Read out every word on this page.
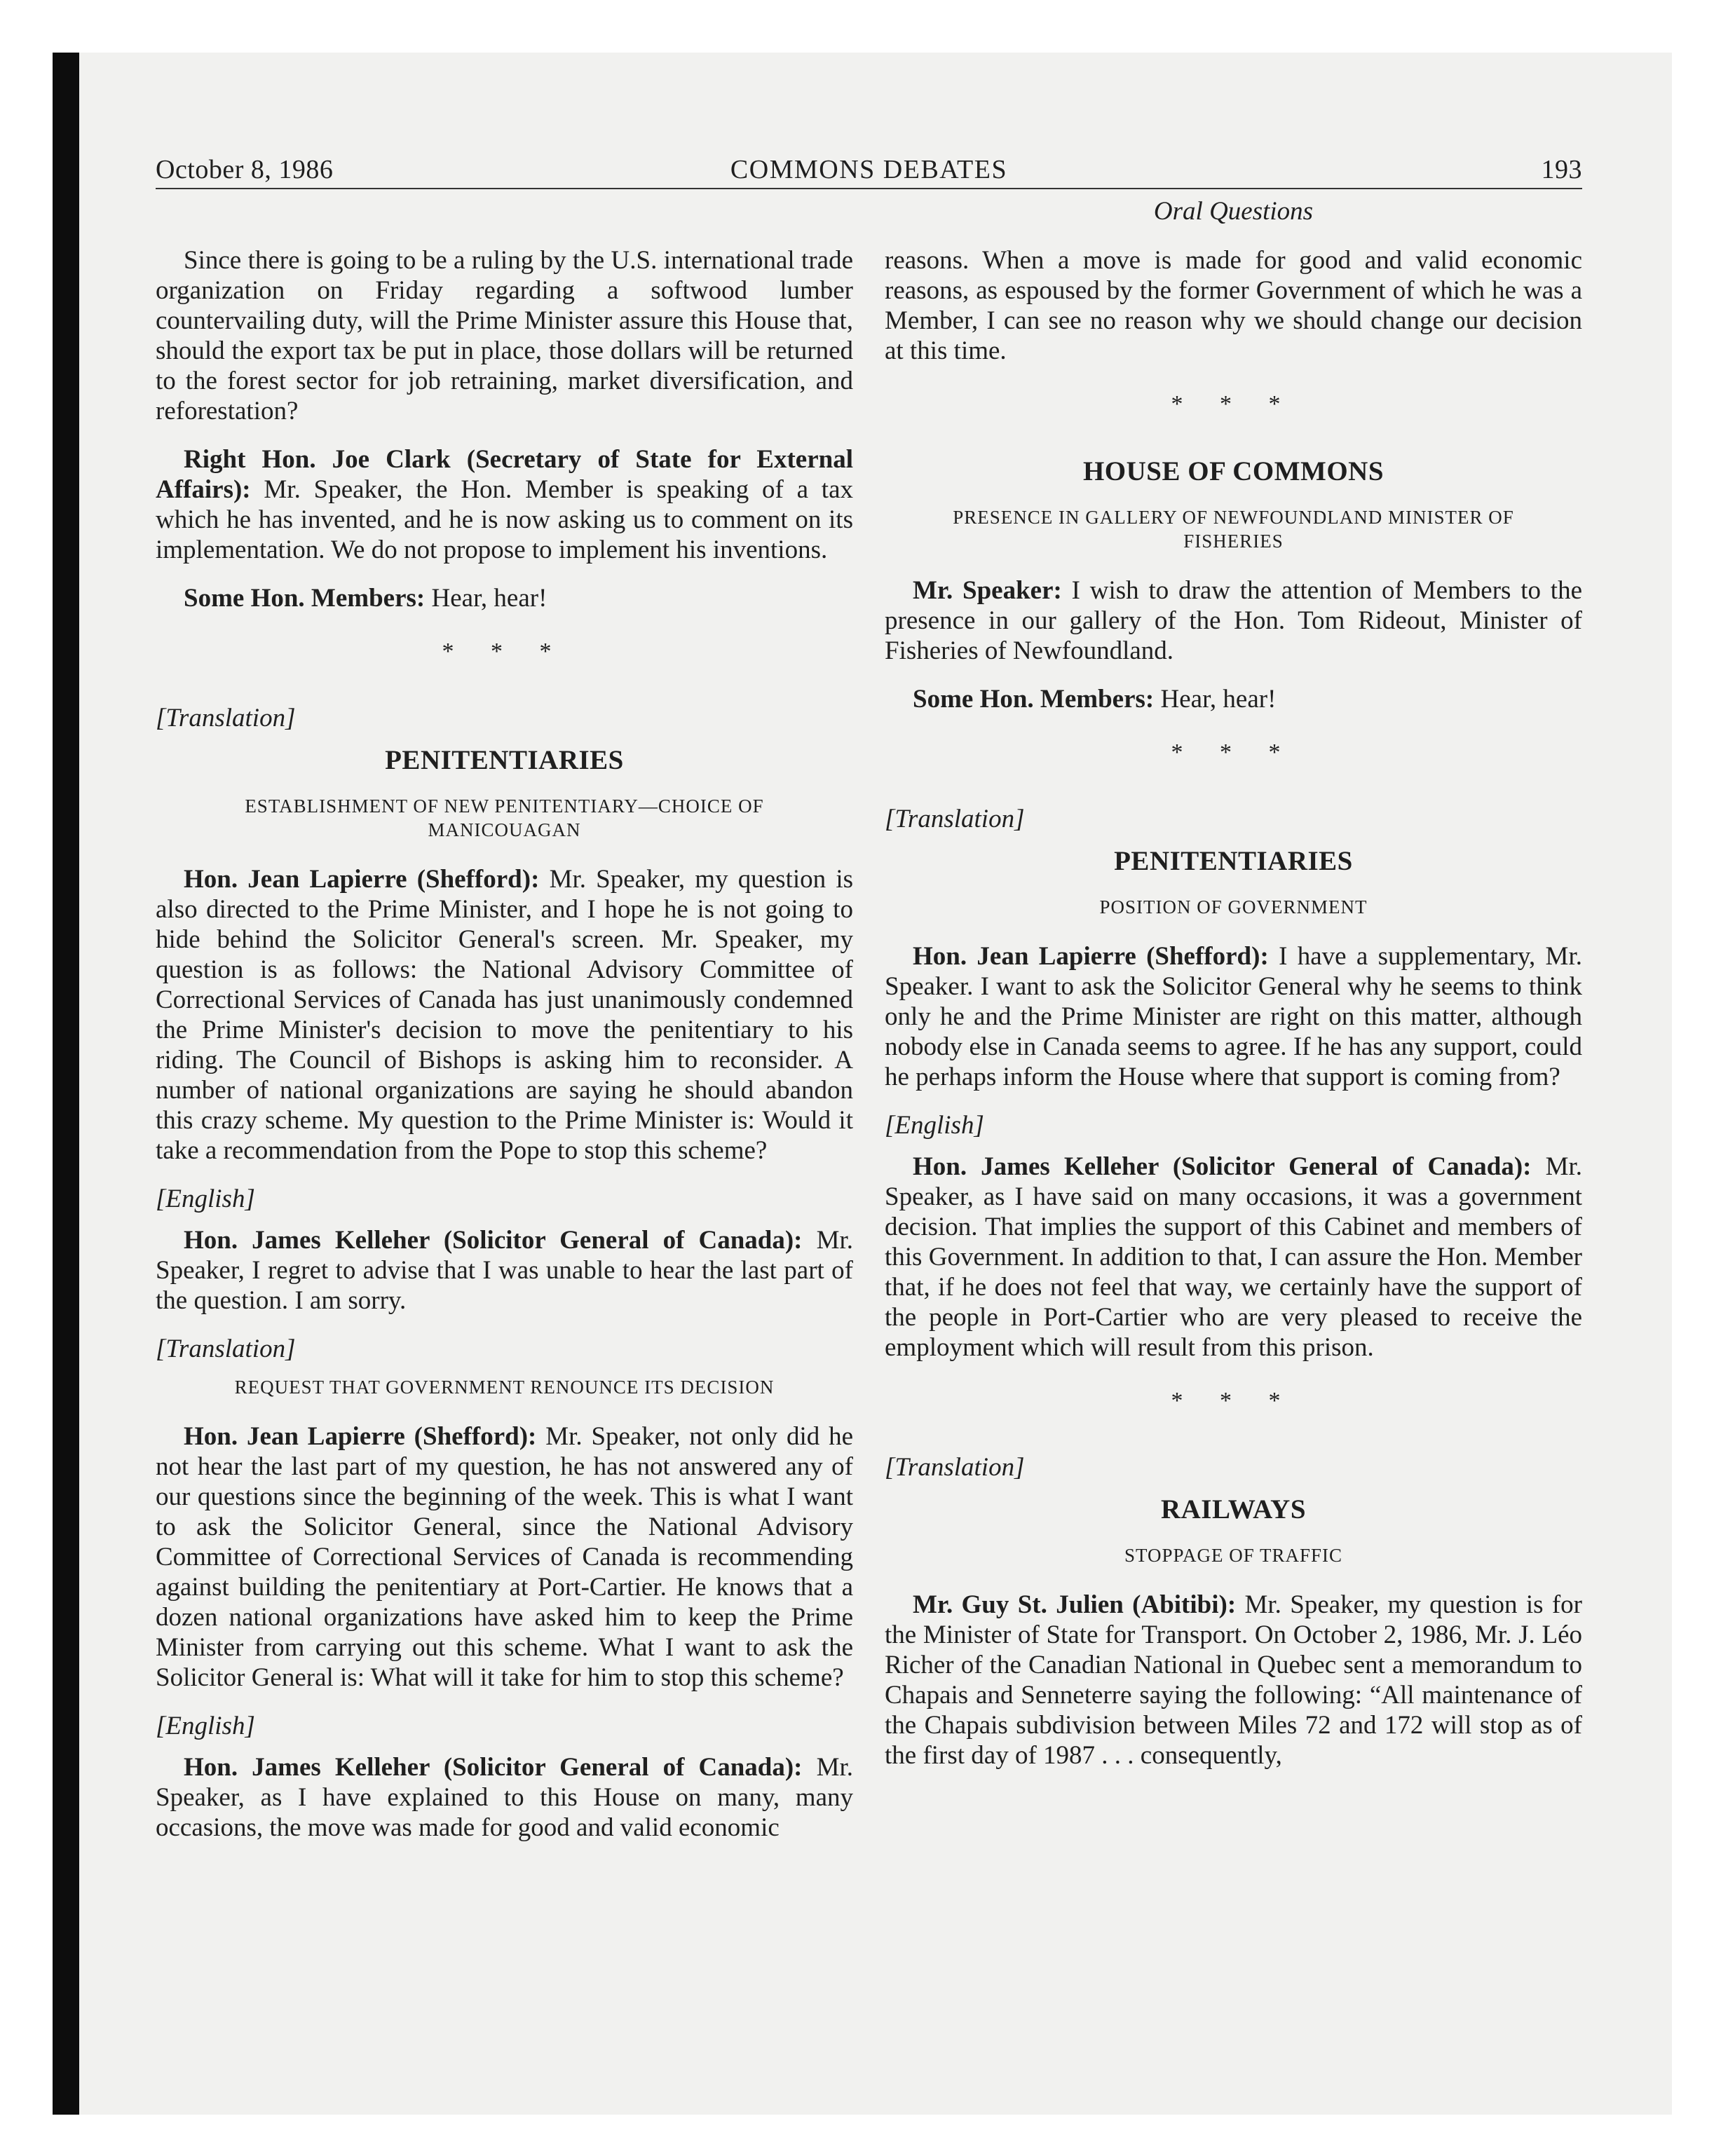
October 8, 1986	COMMONS DEBATES	193

Since there is going to be a ruling by the U.S. international trade organization on Friday regarding a softwood lumber countervailing duty, will the Prime Minister assure this House that, should the export tax be put in place, those dollars will be returned to the forest sector for job retraining, market diversification, and reforestation?

Right Hon. Joe Clark (Secretary of State for External Affairs): Mr. Speaker, the Hon. Member is speaking of a tax which he has invented, and he is now asking us to comment on its implementation. We do not propose to implement his inventions.

Some Hon. Members: Hear, hear!

* * *
[Translation]
PENITENTIARIES
ESTABLISHMENT OF NEW PENITENTIARY—CHOICE OF MANICOUAGAN

Hon. Jean Lapierre (Shefford): Mr. Speaker, my question is also directed to the Prime Minister, and I hope he is not going to hide behind the Solicitor General's screen. Mr. Speaker, my question is as follows: the National Advisory Committee of Correctional Services of Canada has just unanimously condemned the Prime Minister's decision to move the penitentiary to his riding. The Council of Bishops is asking him to reconsider. A number of national organizations are saying he should abandon this crazy scheme. My question to the Prime Minister is: Would it take a recommendation from the Pope to stop this scheme?

[English]

Hon. James Kelleher (Solicitor General of Canada): Mr. Speaker, I regret to advise that I was unable to hear the last part of the question. I am sorry.

[Translation]
REQUEST THAT GOVERNMENT RENOUNCE ITS DECISION

Hon. Jean Lapierre (Shefford): Mr. Speaker, not only did he not hear the last part of my question, he has not answered any of our questions since the beginning of the week. This is what I want to ask the Solicitor General, since the National Advisory Committee of Correctional Services of Canada is recommending against building the penitentiary at Port-Cartier. He knows that a dozen national organizations have asked him to keep the Prime Minister from carrying out this scheme. What I want to ask the Solicitor General is: What will it take for him to stop this scheme?

[English]

Hon. James Kelleher (Solicitor General of Canada): Mr. Speaker, as I have explained to this House on many, many occasions, the move was made for good and valid economic

Oral Questions

reasons. When a move is made for good and valid economic reasons, as espoused by the former Government of which he was a Member, I can see no reason why we should change our decision at this time.

* * *
HOUSE OF COMMONS
PRESENCE IN GALLERY OF NEWFOUNDLAND MINISTER OF FISHERIES

Mr. Speaker: I wish to draw the attention of Members to the presence in our gallery of the Hon. Tom Rideout, Minister of Fisheries of Newfoundland.

Some Hon. Members: Hear, hear!

* * *
[Translation]
PENITENTIARIES
POSITION OF GOVERNMENT

Hon. Jean Lapierre (Shefford): I have a supplementary, Mr. Speaker. I want to ask the Solicitor General why he seems to think only he and the Prime Minister are right on this matter, although nobody else in Canada seems to agree. If he has any support, could he perhaps inform the House where that support is coming from?

[English]

Hon. James Kelleher (Solicitor General of Canada): Mr. Speaker, as I have said on many occasions, it was a government decision. That implies the support of this Cabinet and members of this Government. In addition to that, I can assure the Hon. Member that, if he does not feel that way, we certainly have the support of the people in Port-Cartier who are very pleased to receive the employment which will result from this prison.

* * *
[Translation]
RAILWAYS
STOPPAGE OF TRAFFIC

Mr. Guy St. Julien (Abitibi): Mr. Speaker, my question is for the Minister of State for Transport. On October 2, 1986, Mr. J. Léo Richer of the Canadian National in Quebec sent a memorandum to Chapais and Senneterre saying the following: “All maintenance of the Chapais subdivision between Miles 72 and 172 will stop as of the first day of 1987 . . . consequently,
